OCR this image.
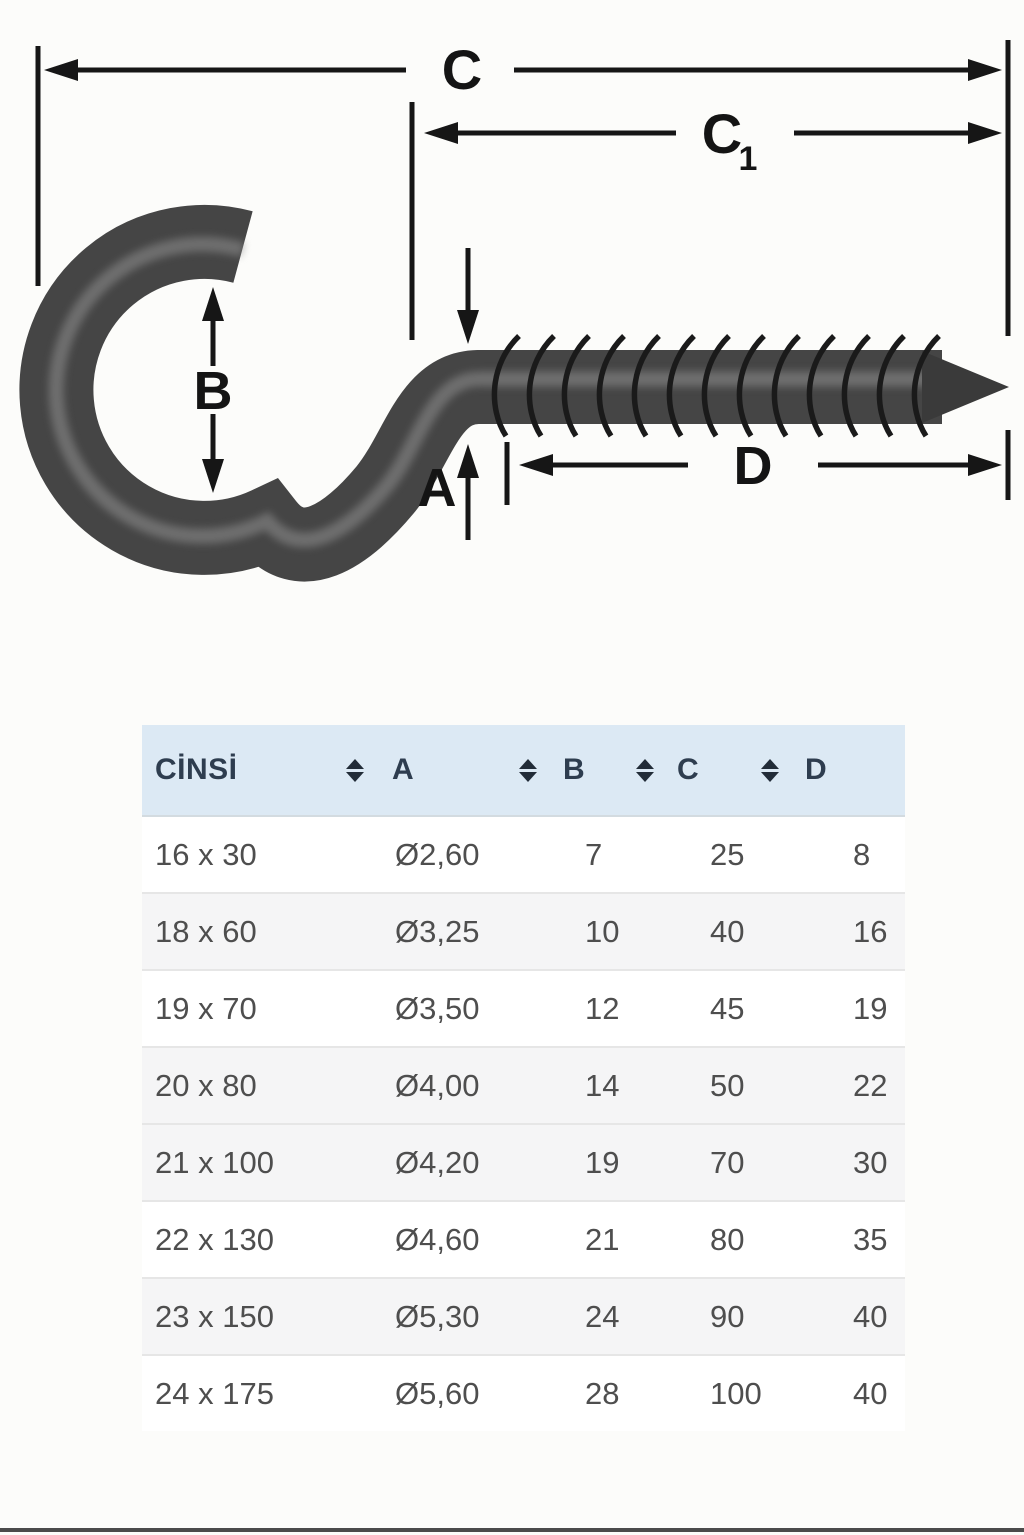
C
C
1
B
A	D
CİNSİ	A	B	C	D
16 x 30	Ø2,60	7	25	8
18 x 60	Ø3,25	10	40	16
19 x 70	Ø3,50	12	45	19
20 x 80	Ø4,00	14	50	22
21 x 100	Ø4,20	19	70	30
22 x 130	Ø4,60	21	80	35
23 x 150	Ø5,30	24	90	40
24 x 175	Ø5,60	28	100	40
